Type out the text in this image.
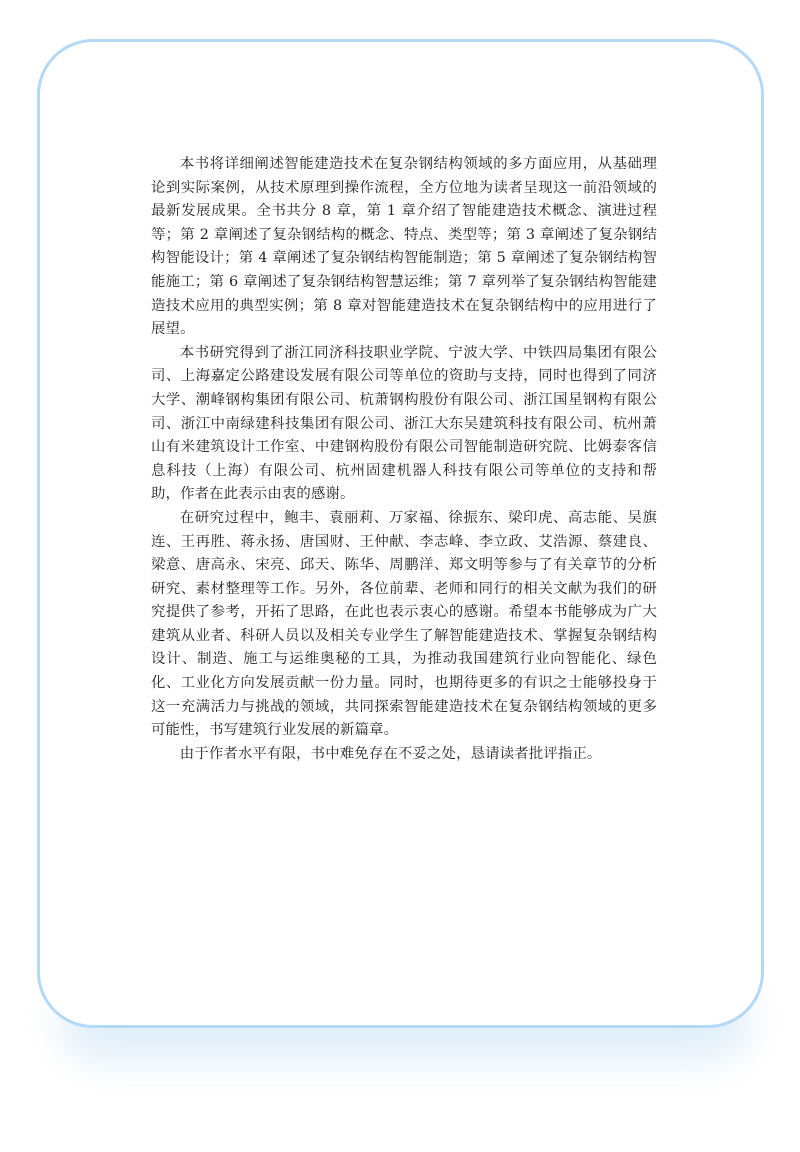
本书将详细阐述智能建造技术在复杂钢结构领域的多方面应用，从基础理论到实际案例，从技术原理到操作流程，全方位地为读者呈现这一前沿领域的最新发展成果。全书共分 8 章，第 1 章介绍了智能建造技术概念、演进过程等；第 2 章阐述了复杂钢结构的概念、特点、类型等；第 3 章阐述了复杂钢结构智能设计；第 4 章阐述了复杂钢结构智能制造；第 5 章阐述了复杂钢结构智能施工；第 6 章阐述了复杂钢结构智慧运维；第 7 章列举了复杂钢结构智能建造技术应用的典型实例；第 8 章对智能建造技术在复杂钢结构中的应用进行了展望。

本书研究得到了浙江同济科技职业学院、宁波大学、中铁四局集团有限公司、上海嘉定公路建设发展有限公司等单位的资助与支持，同时也得到了同济大学、潮峰钢构集团有限公司、杭萧钢构股份有限公司、浙江国星钢构有限公司、浙江中南绿建科技集团有限公司、浙江大东吴建筑科技有限公司、杭州萧山有米建筑设计工作室、中建钢构股份有限公司智能制造研究院、比姆泰客信息科技（上海）有限公司、杭州固建机器人科技有限公司等单位的支持和帮助，作者在此表示由衷的感谢。

在研究过程中，鲍丰、袁丽莉、万家福、徐振东、梁印虎、高志能、吴旗连、王再胜、蒋永扬、唐国财、王仲献、李志峰、李立政、艾浩源、蔡建良、梁意、唐高永、宋亮、邱天、陈华、周鹏洋、郑文明等参与了有关章节的分析研究、素材整理等工作。另外，各位前辈、老师和同行的相关文献为我们的研究提供了参考，开拓了思路，在此也表示衷心的感谢。希望本书能够成为广大建筑从业者、科研人员以及相关专业学生了解智能建造技术、掌握复杂钢结构设计、制造、施工与运维奥秘的工具，为推动我国建筑行业向智能化、绿色化、工业化方向发展贡献一份力量。同时，也期待更多的有识之士能够投身于这一充满活力与挑战的领域，共同探索智能建造技术在复杂钢结构领域的更多可能性，书写建筑行业发展的新篇章。

由于作者水平有限，书中难免存在不妥之处，恳请读者批评指正。
